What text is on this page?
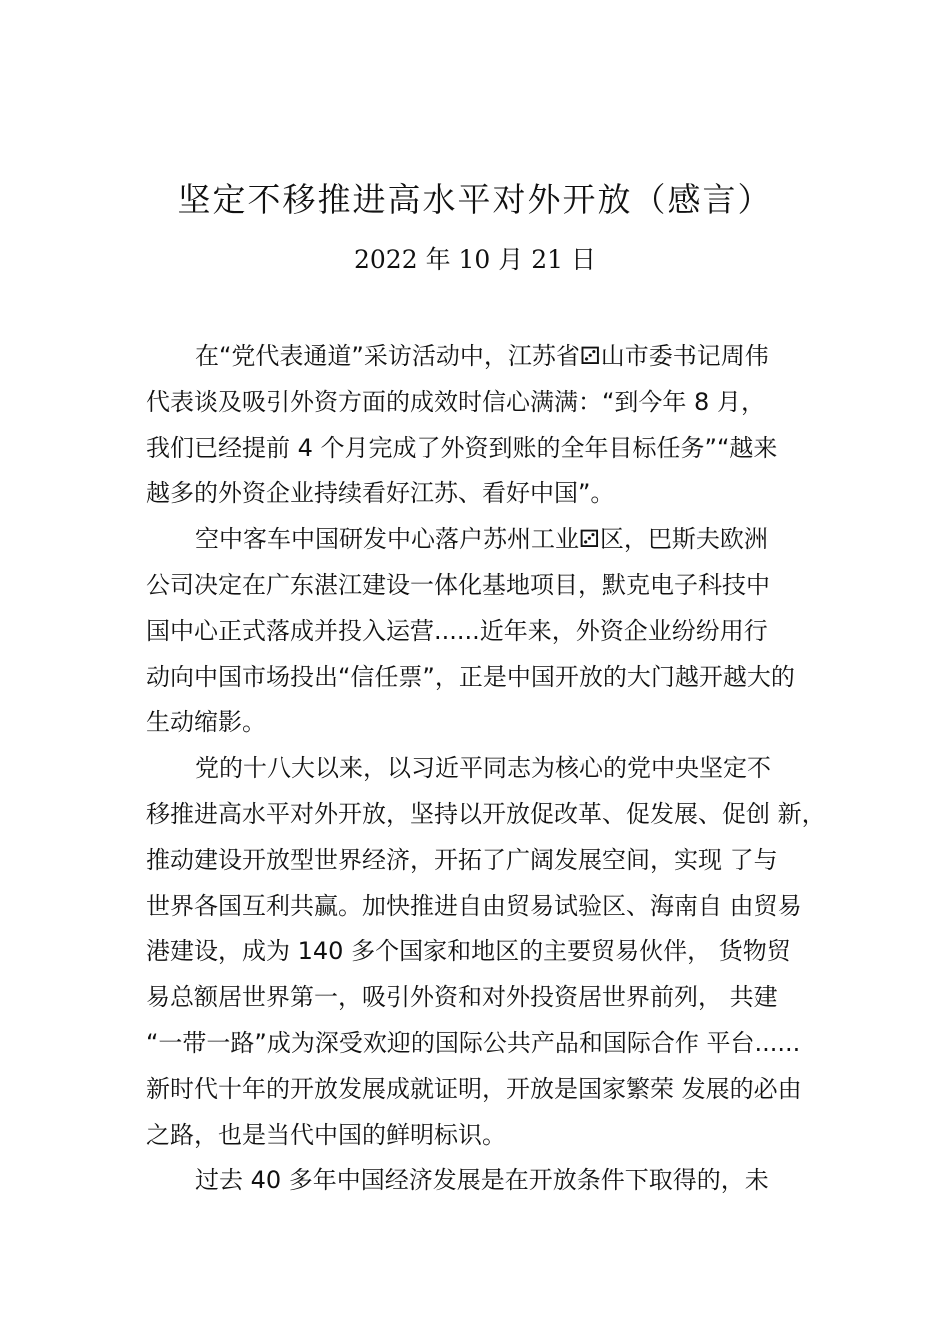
坚定不移推进高水平对外开放（感言）
2022 年 10 月 21 日
在“党代表通道”采访活动中，江苏省⚂山市委书记周伟
代表谈及吸引外资方面的成效时信心满满：“到今年 8 月，
我们已经提前 4 个月完成了外资到账的全年目标任务”“越来
越多的外资企业持续看好江苏、看好中国”。
空中客车中国研发中心落户苏州工业⚂区，巴斯夫欧洲
公司决定在广东湛江建设一体化基地项目，默克电子科技中
国中心正式落成并投入运营......近年来，外资企业纷纷用行
动向中国市场投出“信任票”，正是中国开放的大门越开越大的
生动缩影。
党的十八大以来，以习近平同志为核心的党中央坚定不
移推进高水平对外开放，坚持以开放促改革、促发展、促创 新，
推动建设开放型世界经济，开拓了广阔发展空间，实现 了与
世界各国互利共赢。加快推进自由贸易试验区、海南自 由贸易
港建设，成为 140 多个国家和地区的主要贸易伙伴， 货物贸
易总额居世界第一，吸引外资和对外投资居世界前列， 共建
“一带一路”成为深受欢迎的国际公共产品和国际合作 平台......
新时代十年的开放发展成就证明，开放是国家繁荣 发展的必由
之路，也是当代中国的鲜明标识。
过去 40 多年中国经济发展是在开放条件下取得的，未
